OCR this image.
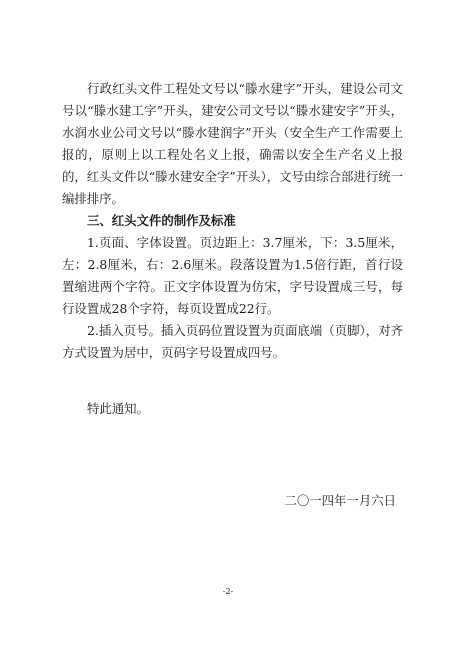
行政红头文件工程处文号以“滕水建字”开头，建设公司文号以“滕水建工字”开头，建安公司文号以“滕水建安字”开头，水润水业公司文号以“滕水建润字”开头（安全生产工作需要上报的，原则上以工程处名义上报，确需以安全生产名义上报的，红头文件以“滕水建安全字”开头），文号由综合部进行统一编排排序。

三、红头文件的制作及标准

1.页面、字体设置。页边距上：3.7厘米，下：3.5厘米，左：2.8厘米，右：2.6厘米。段落设置为1.5倍行距，首行设置缩进两个字符。正文字体设置为仿宋，字号设置成三号，每行设置成28个字符，每页设置成22行。

2.插入页号。插入页码位置设置为页面底端（页脚），对齐方式设置为居中，页码字号设置成四号。

特此通知。

二〇一四年一月六日

-2-
